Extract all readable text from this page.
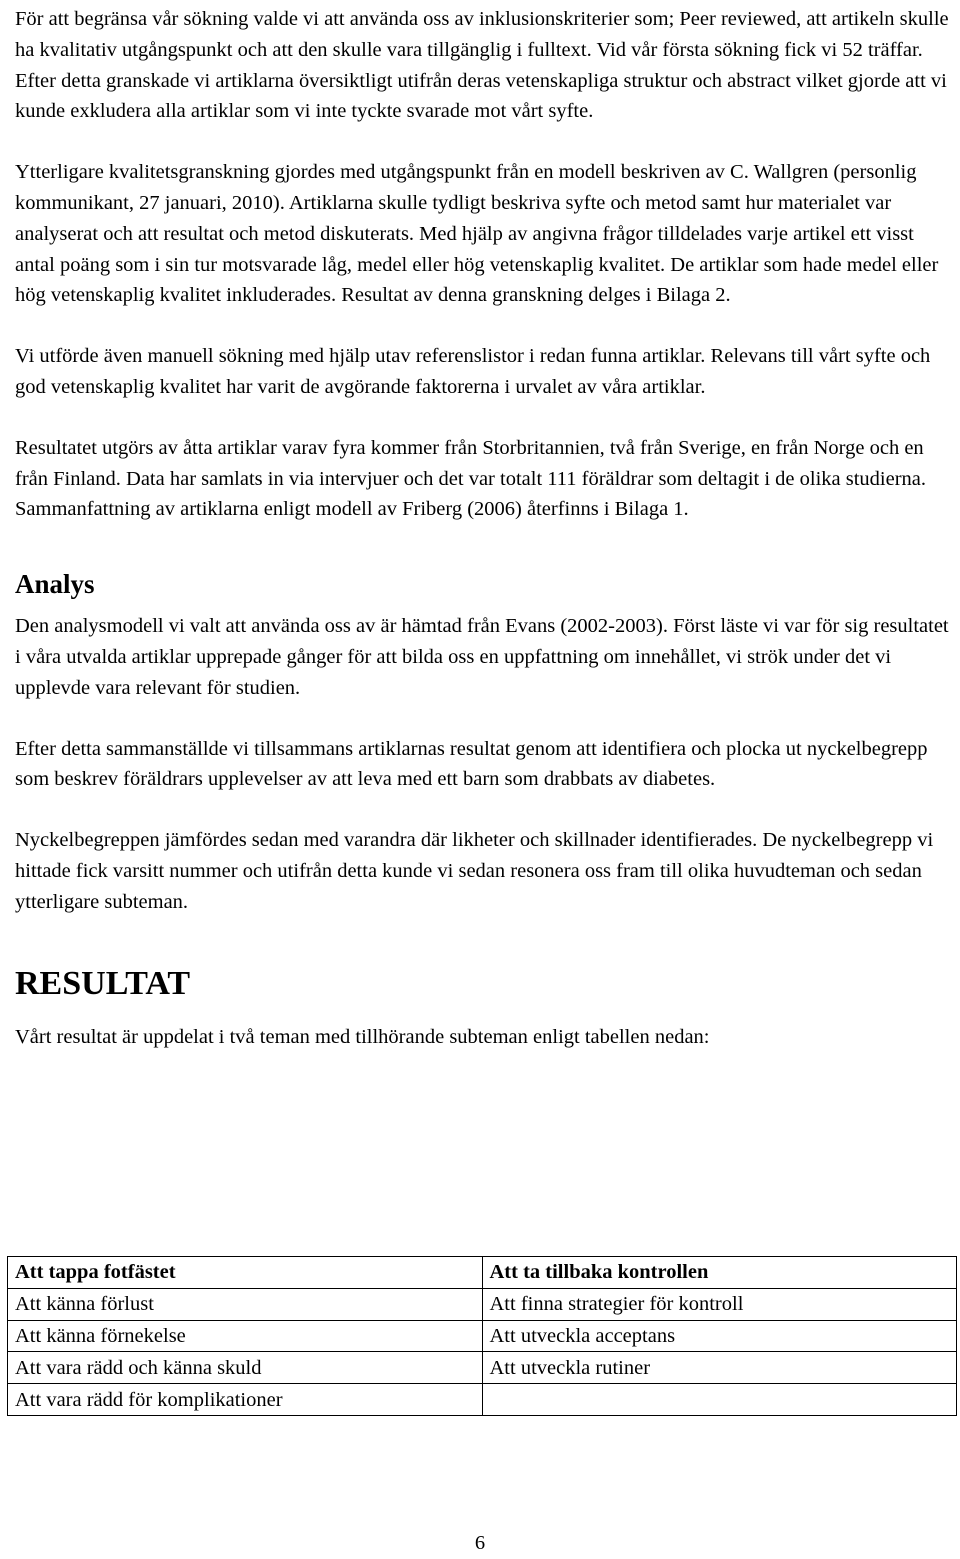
För att begränsa vår sökning valde vi att använda oss av inklusionskriterier som; Peer reviewed, att artikeln skulle ha kvalitativ utgångspunkt och att den skulle vara tillgänglig i fulltext. Vid vår första sökning fick vi 52 träffar. Efter detta granskade vi artiklarna översiktligt utifrån deras vetenskapliga struktur och abstract vilket gjorde att vi kunde exkludera alla artiklar som vi inte tyckte svarade mot vårt syfte.

Ytterligare kvalitetsgranskning gjordes med utgångspunkt från en modell beskriven av C. Wallgren (personlig kommunikant, 27 januari, 2010). Artiklarna skulle tydligt beskriva syfte och metod samt hur materialet var analyserat och att resultat och metod diskuterats. Med hjälp av angivna frågor tilldelades varje artikel ett visst antal poäng som i sin tur motsvarade låg, medel eller hög vetenskaplig kvalitet. De artiklar som hade medel eller hög vetenskaplig kvalitet inkluderades. Resultat av denna granskning delges i Bilaga 2.

Vi utförde även manuell sökning med hjälp utav referenslistor i redan funna artiklar. Relevans till vårt syfte och god vetenskaplig kvalitet har varit de avgörande faktorerna i urvalet av våra artiklar.

Resultatet utgörs av åtta artiklar varav fyra kommer från Storbritannien, två från Sverige, en från Norge och en från Finland. Data har samlats in via intervjuer och det var totalt 111 föräldrar som deltagit i de olika studierna. Sammanfattning av artiklarna enligt modell av Friberg (2006) återfinns i Bilaga 1.

Analys

Den analysmodell vi valt att använda oss av är hämtad från Evans (2002-2003). Först läste vi var för sig resultatet i våra utvalda artiklar upprepade gånger för att bilda oss en uppfattning om innehållet, vi strök under det vi upplevde vara relevant för studien.

Efter detta sammanställde vi tillsammans artiklarnas resultat genom att identifiera och plocka ut nyckelbegrepp som beskrev föräldrars upplevelser av att leva med ett barn som drabbats av diabetes.

Nyckelbegreppen jämfördes sedan med varandra där likheter och skillnader identifierades. De nyckelbegrepp vi hittade fick varsitt nummer och utifrån detta kunde vi sedan resonera oss fram till olika huvudteman och sedan ytterligare subteman.

RESULTAT

Vårt resultat är uppdelat i två teman med tillhörande subteman enligt tabellen nedan:

Att tappa fotfästet	Att ta tillbaka kontrollen
Att känna förlust	Att finna strategier för kontroll
Att känna förnekelse	Att utveckla acceptans
Att vara rädd och känna skuld	Att utveckla rutiner
Att vara rädd för komplikationer	
6
